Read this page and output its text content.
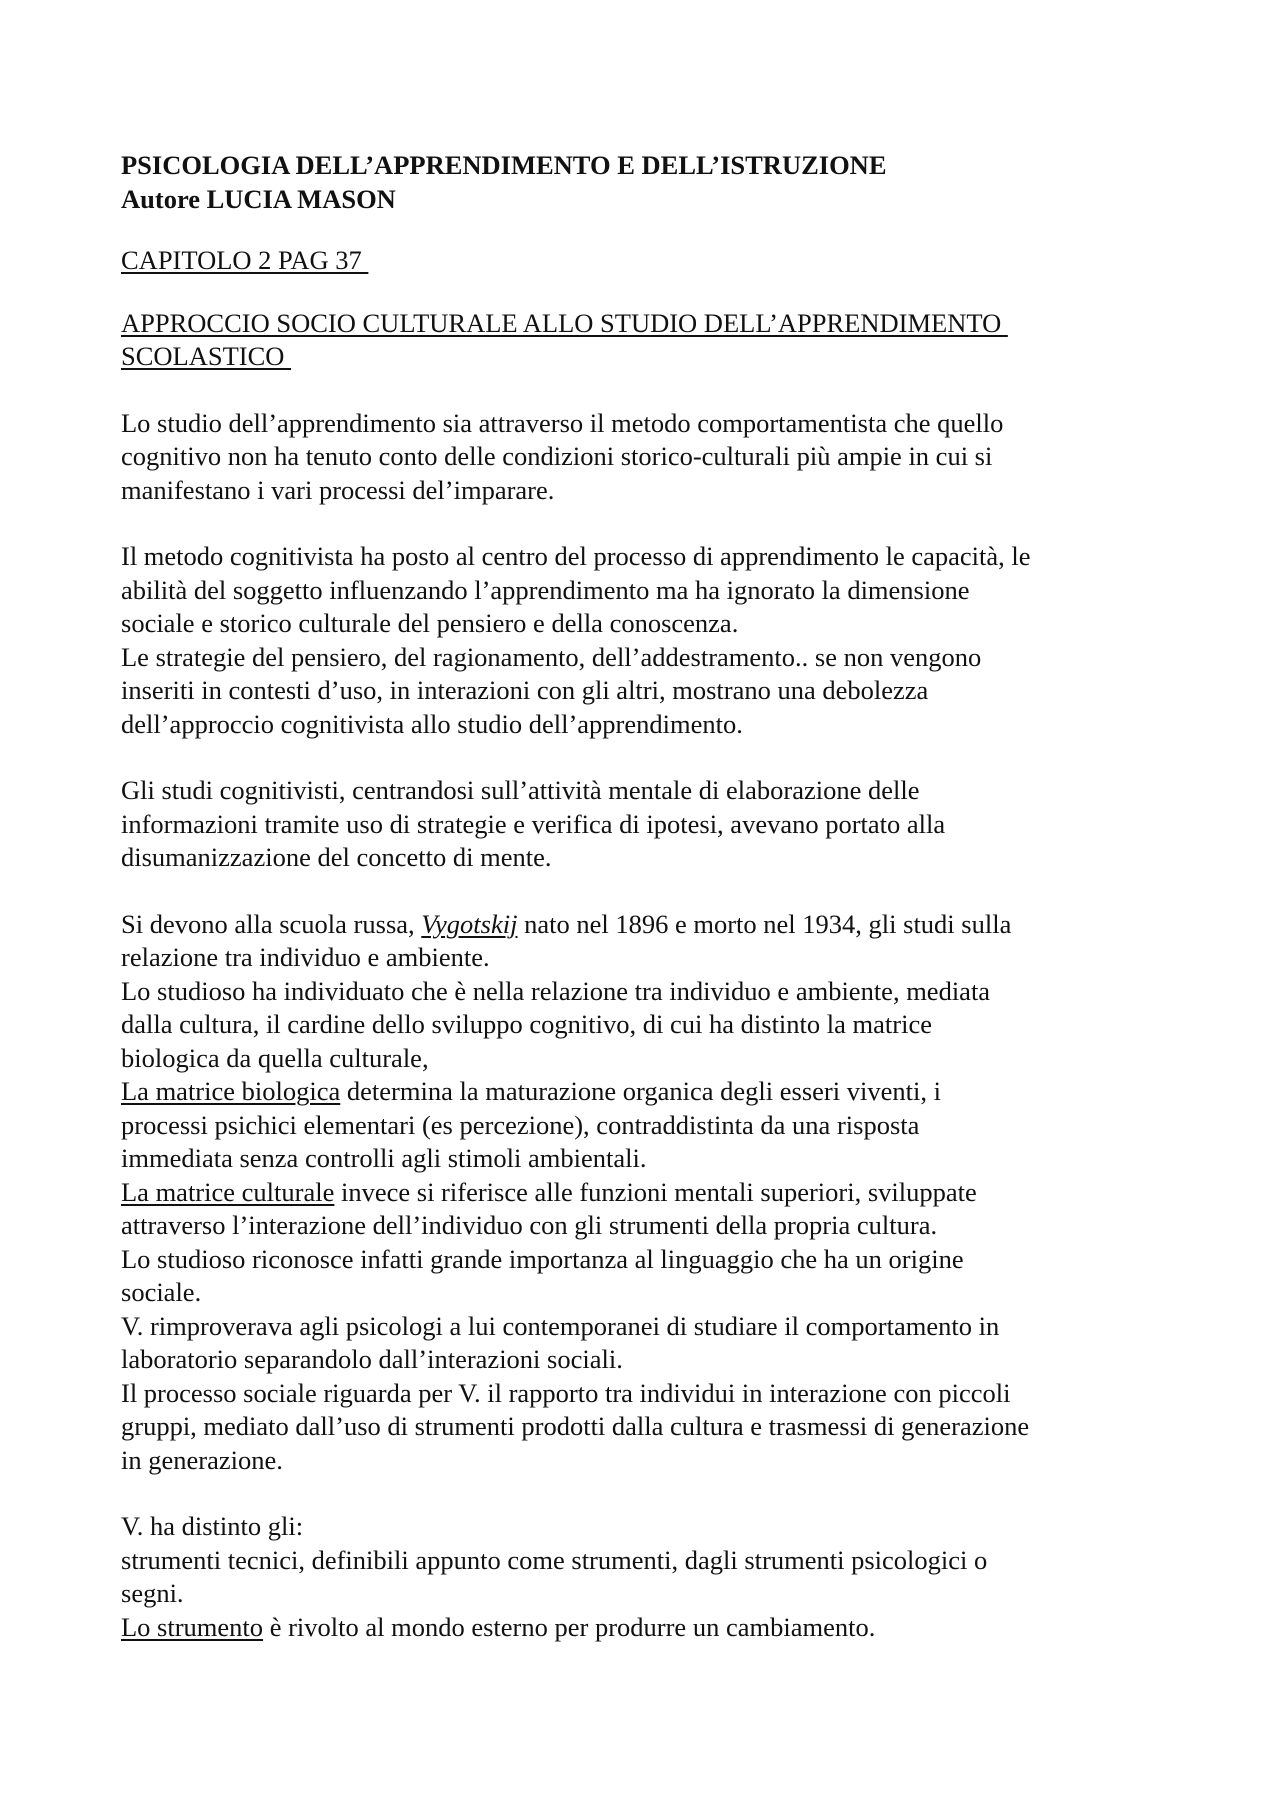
PSICOLOGIA DELL’APPRENDIMENTO E DELL’ISTRUZIONE
Autore LUCIA MASON
CAPITOLO 2 PAG 37
APPROCCIO SOCIO CULTURALE ALLO STUDIO DELL’APPRENDIMENTO
SCOLASTICO
Lo studio dell’apprendimento sia attraverso il metodo comportamentista che quello
cognitivo non ha tenuto conto delle condizioni storico-culturali più ampie in cui si
manifestano i vari processi del’imparare.
Il metodo cognitivista ha posto al centro del processo di apprendimento le capacità, le
abilità del soggetto influenzando l’apprendimento ma ha ignorato la dimensione
sociale e storico culturale del pensiero e della conoscenza.
Le strategie del pensiero, del ragionamento, dell’addestramento.. se non vengono
inseriti in contesti d’uso, in interazioni con gli altri, mostrano una debolezza
dell’approccio cognitivista allo studio dell’apprendimento.
Gli studi cognitivisti, centrandosi sull’attività mentale di elaborazione delle
informazioni tramite uso di strategie e verifica di ipotesi, avevano portato alla
disumanizzazione del concetto di mente.
Si devono alla scuola russa, Vygotskij nato nel 1896 e morto nel 1934, gli studi sulla
relazione tra individuo e ambiente.
Lo studioso ha individuato che è nella relazione tra individuo e ambiente, mediata
dalla cultura, il cardine dello sviluppo cognitivo, di cui ha distinto la matrice
biologica da quella culturale,
La matrice biologica determina la maturazione organica degli esseri viventi, i
processi psichici elementari (es percezione), contraddistinta da una risposta
immediata senza controlli agli stimoli ambientali.
La matrice culturale invece si riferisce alle funzioni mentali superiori, sviluppate
attraverso l’interazione dell’individuo con gli strumenti della propria cultura.
Lo studioso riconosce infatti grande importanza al linguaggio che ha un origine
sociale.
V. rimproverava agli psicologi a lui contemporanei di studiare il comportamento in
laboratorio separandolo dall’interazioni sociali.
Il processo sociale riguarda per V. il rapporto tra individui in interazione con piccoli
gruppi, mediato dall’uso di strumenti prodotti dalla cultura e trasmessi di generazione
in generazione.
V. ha distinto gli:
strumenti tecnici, definibili appunto come strumenti, dagli strumenti psicologici o
segni.
Lo strumento è rivolto al mondo esterno per produrre un cambiamento.
